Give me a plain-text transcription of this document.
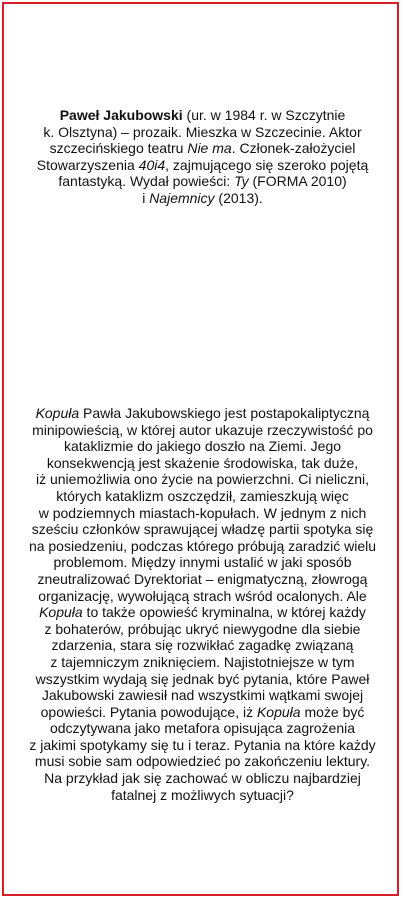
Paweł Jakubowski (ur. w 1984 r. w Szczytnie
k. Olsztyna) – prozaik. Mieszka w Szczecinie. Aktor
szczecińskiego teatru Nie ma. Członek-założyciel
Stowarzyszenia 40i4, zajmującego się szeroko pojętą
fantastyką. Wydał powieści: Ty (FORMA 2010)
i Najemnicy (2013).
Kopuła Pawła Jakubowskiego jest postapokaliptyczną
minipowieścią, w której autor ukazuje rzeczywistość po
kataklizmie do jakiego doszło na Ziemi. Jego
konsekwencją jest skażenie środowiska, tak duże,
iż uniemożliwia ono życie na powierzchni. Ci nieliczni,
których kataklizm oszczędził, zamieszkują więc
w podziemnych miastach-kopułach. W jednym z nich
sześciu członków sprawującej władzę partii spotyka się
na posiedzeniu, podczas którego próbują zaradzić wielu
problemom. Między innymi ustalić w jaki sposób
zneutralizować Dyrektoriat – enigmatyczną, złowrogą
organizację, wywołującą strach wśród ocalonych. Ale
Kopuła to także opowieść kryminalna, w której każdy
z bohaterów, próbując ukryć niewygodne dla siebie
zdarzenia, stara się rozwikłać zagadkę związaną
z tajemniczym zniknięciem. Najistotniejsze w tym
wszystkim wydają się jednak być pytania, które Paweł
Jakubowski zawiesił nad wszystkimi wątkami swojej
opowieści. Pytania powodujące, iż Kopuła może być
odczytywana jako metafora opisująca zagrożenia
z jakimi spotykamy się tu i teraz. Pytania na które każdy
musi sobie sam odpowiedzieć po zakończeniu lektury.
Na przykład jak się zachować w obliczu najbardziej
fatalnej z możliwych sytuacji?
